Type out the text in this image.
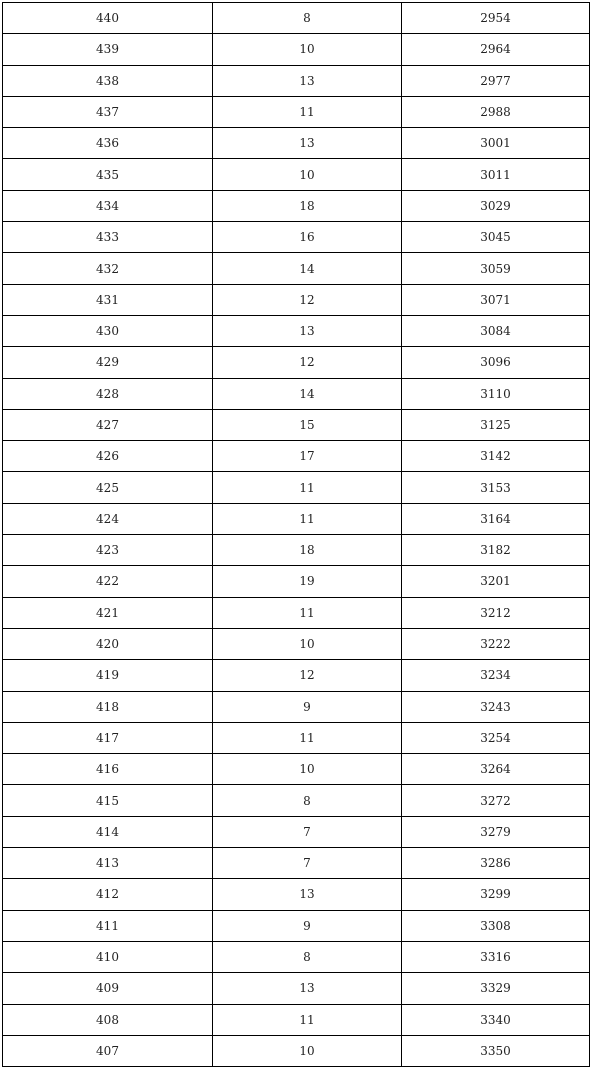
440	8	2954
439	10	2964
438	13	2977
437	11	2988
436	13	3001
435	10	3011
434	18	3029
433	16	3045
432	14	3059
431	12	3071
430	13	3084
429	12	3096
428	14	3110
427	15	3125
426	17	3142
425	11	3153
424	11	3164
423	18	3182
422	19	3201
421	11	3212
420	10	3222
419	12	3234
418	9	3243
417	11	3254
416	10	3264
415	8	3272
414	7	3279
413	7	3286
412	13	3299
411	9	3308
410	8	3316
409	13	3329
408	11	3340
407	10	3350
